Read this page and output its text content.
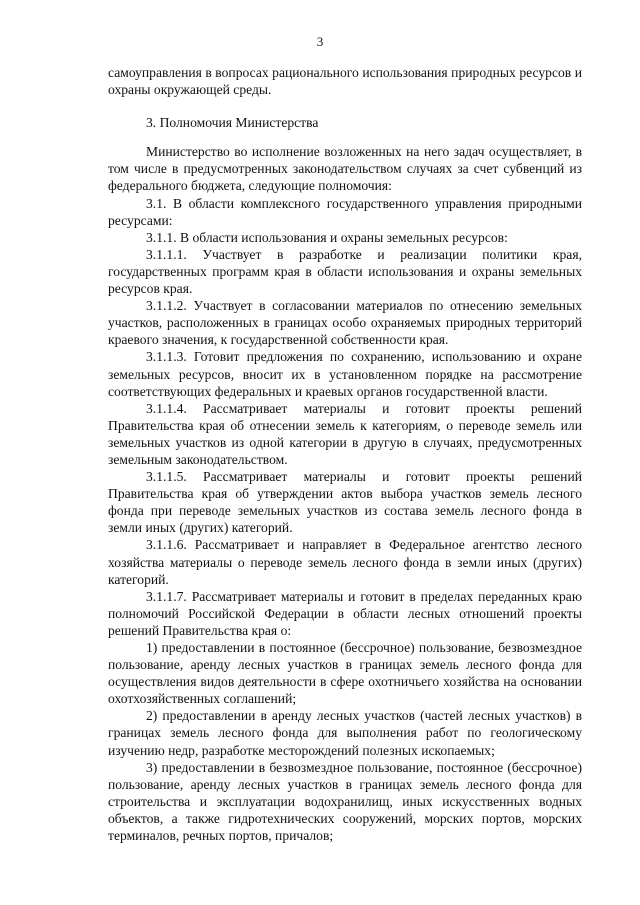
3

самоуправления в вопросах рационального использования природных ресурсов и охраны окружающей среды.

3. Полномочия Министерства

Министерство во исполнение возложенных на него задач осуществляет, в том числе в предусмотренных законодательством случаях за счет субвенций из федерального бюджета, следующие полномочия:

3.1. В области комплексного государственного управления природными ресурсами:

3.1.1. В области использования и охраны земельных ресурсов:

3.1.1.1. Участвует в разработке и реализации политики края, государственных программ края в области использования и охраны земельных ресурсов края.

3.1.1.2. Участвует в согласовании материалов по отнесению земельных участков, расположенных в границах особо охраняемых природных территорий краевого значения, к государственной собственности края.

3.1.1.3. Готовит предложения по сохранению, использованию и охране земельных ресурсов, вносит их в установленном порядке на рассмотрение соответствующих федеральных и краевых органов государственной власти.

3.1.1.4. Рассматривает материалы и готовит проекты решений Правительства края об отнесении земель к категориям, о переводе земель или земельных участков из одной категории в другую в случаях, предусмотренных земельным законодательством.

3.1.1.5. Рассматривает материалы и готовит проекты решений Правительства края об утверждении актов выбора участков земель лесного фонда при переводе земельных участков из состава земель лесного фонда в земли иных (других) категорий.

3.1.1.6. Рассматривает и направляет в Федеральное агентство лесного хозяйства материалы о переводе земель лесного фонда в земли иных (других) категорий.

3.1.1.7. Рассматривает материалы и готовит в пределах переданных краю полномочий Российской Федерации в области лесных отношений проекты решений Правительства края о:

1) предоставлении в постоянное (бессрочное) пользование, безвозмездное пользование, аренду лесных участков в границах земель лесного фонда для осуществления видов деятельности в сфере охотничьего хозяйства на основании охотхозяйственных соглашений;

2) предоставлении в аренду лесных участков (частей лесных участков) в границах земель лесного фонда для выполнения работ по геологическому изучению недр, разработке месторождений полезных ископаемых;

3) предоставлении в безвозмездное пользование, постоянное (бессрочное) пользование, аренду лесных участков в границах земель лесного фонда для строительства и эксплуатации водохранилищ, иных искусственных водных объектов, а также гидротехнических сооружений, морских портов, морских терминалов, речных портов, причалов;
